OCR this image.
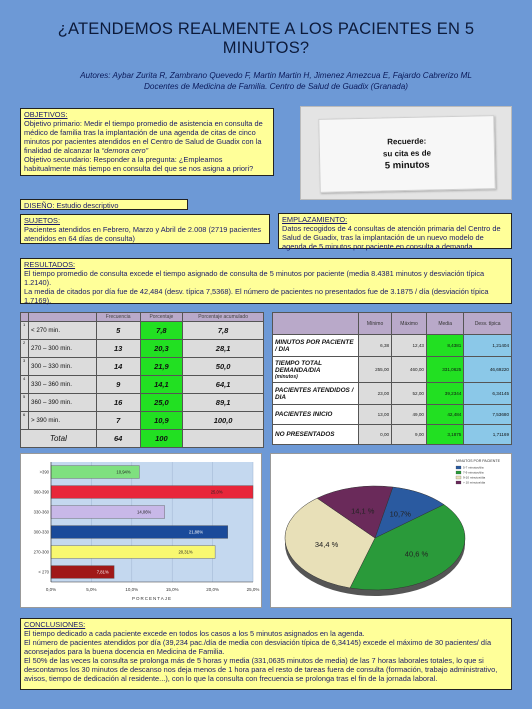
¿ATENDEMOS REALMENTE A LOS PACIENTES EN 5 MINUTOS?
Autores: Aybar Zurita R, Zambrano Quevedo F, Martin Martin H, Jimenez Amezcua E, Fajardo Cabrerizo ML
Docentes de Medicina de Familia. Centro de Salud de Guadix (Granada)
OBJETIVOS:
Objetivo primario: Medir el tiempo promedio de asistencia en consulta de médico de familia tras la implantación de una agenda de citas de cinco minutos por pacientes atendidos en el Centro de Salud de Guadix con la finalidad de alcanzar la “demora cero”
Objetivo secundario: Responder a la pregunta: ¿Empleamos habitualmente más tiempo en consulta del que se nos asigna a priori?
Recuerde:
su cita es de
5 minutos
DISEÑO: Estudio descriptivo
SUJETOS:
Pacientes atendidos en Febrero, Marzo y Abril de 2.008 (2719 pacientes atendidos en 64 días de consulta)
EMPLAZAMIENTO:
Datos recogidos de 4 consultas de atención primaria del Centro de Salud de Guadix, tras la implantación de un nuevo modelo de agenda de 5 minutos por paciente en consulta a demanda
RESULTADOS:
El tiempo promedio de consulta excede el tiempo asignado de consulta de 5 minutos por paciente (media 8.4381 minutos y desviación típica 1.2140).
La media de citados por día fue de 42,484 (desv. típica 7,5368). El número de pacientes no presentados fue de 3.1875 / día (desviación típica 1.7169).
		Frecuencia	Porcentaje	Porcentaje acumulado
1	< 270 min.	5	7,8	7,8
2	270 – 300 min.	13	20,3	28,1
3	300 – 330 min.	14	21,9	50,0
4	330 – 360 min.	9	14,1	64,1
5	360 – 390 min.	16	25,0	89,1
6	> 390 min.	7	10,9	100,0
Total		64	100	
	Mínimo	Máximo	Media	Desv. típica
MINUTOS POR PACIENTE / DIA	6,38	12,43	8,4381	1,21404

TIEMPO TOTAL DEMANDA/DIA
(minutos)	255,00	460,00	331,0625	46,69220
PACIENTES ATENDIDOS / DIA	23,00	52,00	39,2344	6,34145
PACIENTES INICIO	13,00	49,00	42,484	7,53680
NO PRESENTADOS	0,00	9,00	3,1875	1,71169
0,0%	5,0%	10,0%	15,0%	20,0%	25,0%
>390	10,94%
360-390	25,0%
330-360	14,06%
300-330	21,88%
270-300	20,31%
< 270	7,81%
PORCENTAJE
10,7%
40,6 %
34,4 %
14,1 %
MINUTOS POR PACIENTE
5-7 minutos/dia
7-9 minutos/dia
9-10 minutos/dia
> 10 minutos/dia
CONCLUSIONES:
El tiempo dedicado a cada paciente excede en todos los casos a los 5 minutos asignados en la agenda.
El número de pacientes atendidos por día (39,234 pac./día de media con desviación típica de 6,34145) excede el máximo de 30 pacientes/ día aconsejados para la buena docencia en Medicina de Familia.
El 50% de las veces la consulta se prolonga más de 5 horas y media (331,0635 minutos de media) de las 7 horas laborales totales, lo que si descontamos los 30 minutos de descanso nos deja menos de 1 hora para el resto de tareas fuera de consulta (formación, trabajo administrativo, avisos, tiempo de dedicación al residente...), con lo que la consulta con frecuencia se prolonga tras el fin de la jornada laboral.
